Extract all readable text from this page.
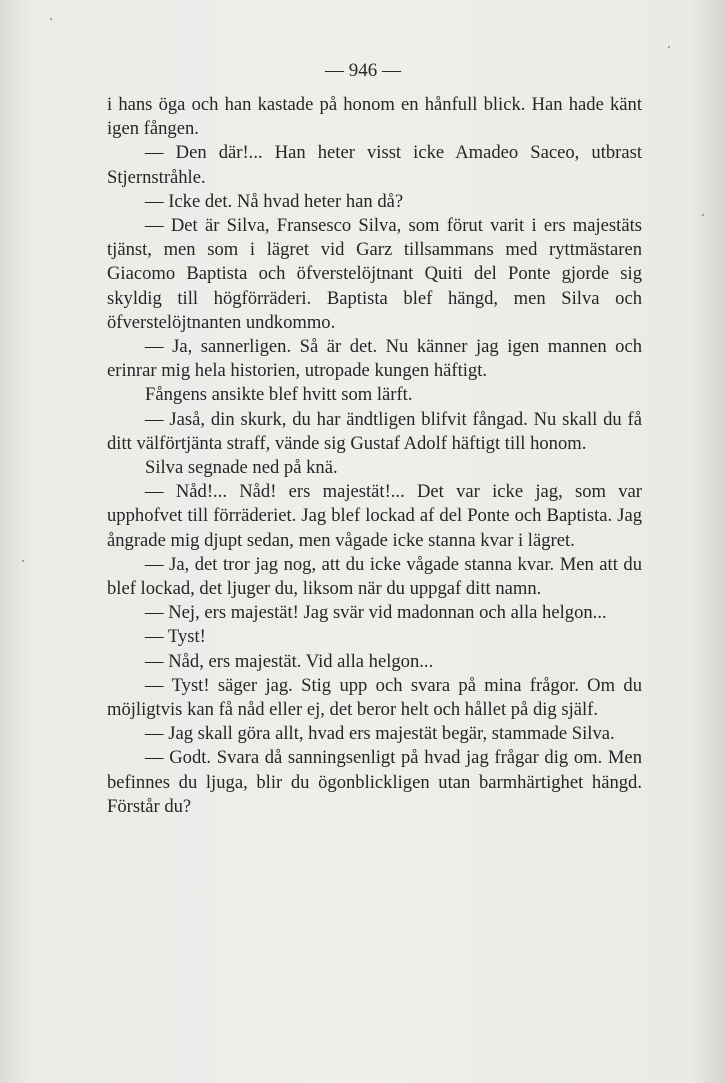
— 946 —

i hans öga och han kastade på honom en hånfull blick. Han hade känt igen fången.

— Den där!... Han heter visst icke Amadeo Saceo, utbrast Stjernstråhle.

— Icke det. Nå hvad heter han då?

— Det är Silva, Fransesco Silva, som förut varit i ers majestäts tjänst, men som i lägret vid Garz tillsammans med ryttmästaren Giacomo Baptista och öfverstelöjtnant Quiti del Ponte gjorde sig skyldig till högförräderi. Baptista blef hängd, men Silva och öfverstelöjtnanten undkommo.

— Ja, sannerligen. Så är det. Nu känner jag igen mannen och erinrar mig hela historien, utropade kungen häftigt.

Fångens ansikte blef hvitt som lärft.

— Jaså, din skurk, du har ändtligen blifvit fångad. Nu skall du få ditt välförtjänta straff, vände sig Gustaf Adolf häftigt till honom.

Silva segnade ned på knä.

— Nåd!... Nåd! ers majestät!... Det var icke jag, som var upphofvet till förräderiet. Jag blef lockad af del Ponte och Baptista. Jag ångrade mig djupt sedan, men vågade icke stanna kvar i lägret.

— Ja, det tror jag nog, att du icke vågade stanna kvar. Men att du blef lockad, det ljuger du, liksom när du uppgaf ditt namn.

— Nej, ers majestät! Jag svär vid madonnan och alla helgon...

— Tyst!

— Nåd, ers majestät. Vid alla helgon...

— Tyst! säger jag. Stig upp och svara på mina frågor. Om du möjligtvis kan få nåd eller ej, det beror helt och hållet på dig själf.

— Jag skall göra allt, hvad ers majestät begär, stammade Silva.

— Godt. Svara då sanningsenligt på hvad jag frågar dig om. Men befinnes du ljuga, blir du ögonblickligen utan barmhärtighet hängd. Förstår du?
